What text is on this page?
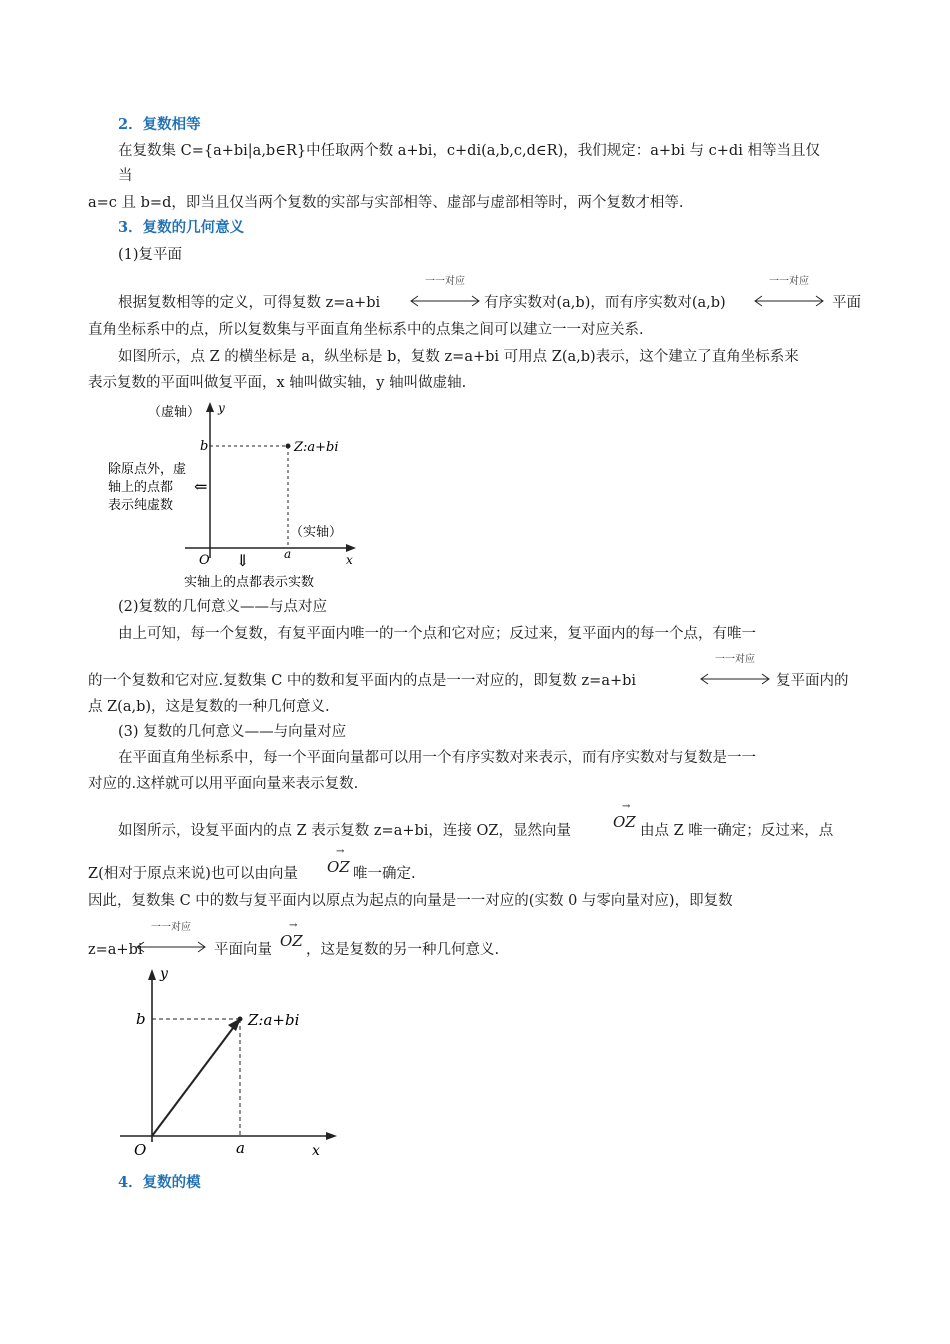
2．复数相等
在复数集 C={a+bi|a,b∈R}中任取两个数 a+bi，c+di(a,b,c,d∈R)，我们规定：a+bi 与 c+di 相等当且仅
当
a=c 且 b=d，即当且仅当两个复数的实部与实部相等、虚部与虚部相等时，两个复数才相等.
3．复数的几何意义
(1)复平面
根据复数相等的定义，可得复数 z=a+bi
一一对应
有序实数对(a,b)，而有序实数对(a,b)
一一对应
平面
直角坐标系中的点，所以复数集与平面直角坐标系中的点集之间可以建立一一对应关系.
如图所示，点 Z 的横坐标是 a，纵坐标是 b，复数 z=a+bi 可用点 Z(a,b)表示，这个建立了直角坐标系来
表示复数的平面叫做复平面，x 轴叫做实轴，y 轴叫做虚轴.
（虚轴） y
b	Z:a+bi
除原点外，虚
轴上的点都
表示纯虚数
⇐
（实轴）
O	a	x
⇓
实轴上的点都表示实数
(2)复数的几何意义——与点对应
由上可知，每一个复数，有复平面内唯一的一个点和它对应；反过来，复平面内的每一个点，有唯一
的一个复数和它对应.复数集 C 中的数和复平面内的点是一一对应的，即复数 z=a+bi
一一对应
复平面内的
点 Z(a,b)，这是复数的一种几何意义.
(3) 复数的几何意义——与向量对应
在平面直角坐标系中，每一个平面向量都可以用一个有序实数对来表示，而有序实数对与复数是一一
对应的.这样就可以用平面向量来表示复数.
如图所示，设复平面内的点 Z 表示复数 z=a+bi，连接 OZ，显然向量
→
OZ 由点 Z 唯一确定；反过来，点
Z(相对于原点来说)也可以由向量
→
OZ 唯一确定.
因此，复数集 C 中的数与复平面内以原点为起点的向量是一一对应的(实数 0 与零向量对应)，即复数
z=a+bi
一一对应
平面向量
→
OZ ，这是复数的另一种几何意义.
y
b	Z:a+bi
O	a	x
4．复数的模
